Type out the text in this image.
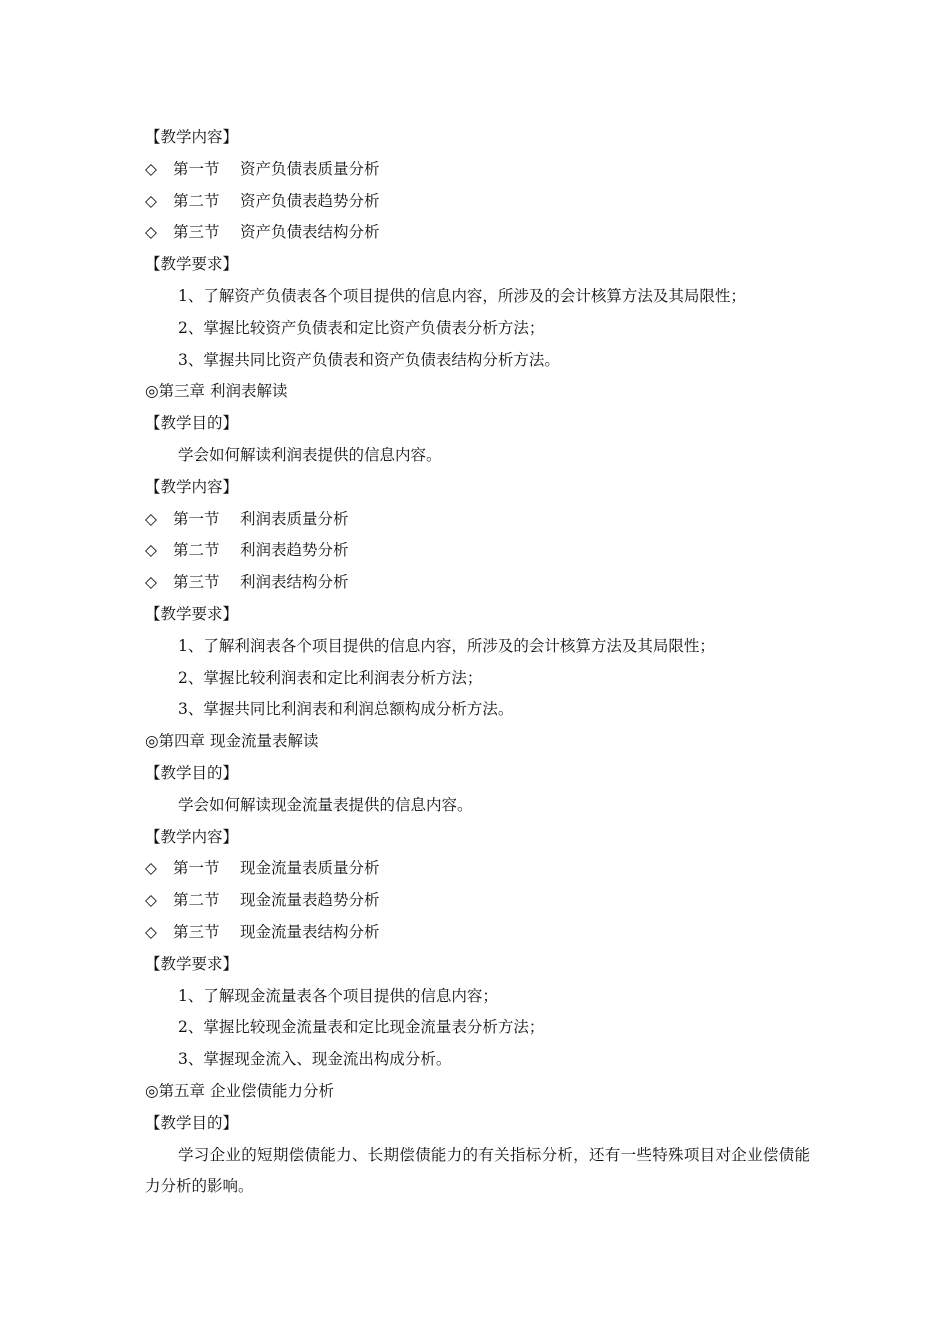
【教学内容】
◇ 第一节 资产负债表质量分析
◇ 第二节 资产负债表趋势分析
◇ 第三节 资产负债表结构分析
【教学要求】
1、了解资产负债表各个项目提供的信息内容，所涉及的会计核算方法及其局限性；
2、掌握比较资产负债表和定比资产负债表分析方法；
3、掌握共同比资产负债表和资产负债表结构分析方法。
◎第三章 利润表解读
【教学目的】
学会如何解读利润表提供的信息内容。
【教学内容】
◇ 第一节 利润表质量分析
◇ 第二节 利润表趋势分析
◇ 第三节 利润表结构分析
【教学要求】
1、了解利润表各个项目提供的信息内容，所涉及的会计核算方法及其局限性；
2、掌握比较利润表和定比利润表分析方法；
3、掌握共同比利润表和利润总额构成分析方法。
◎第四章 现金流量表解读
【教学目的】
学会如何解读现金流量表提供的信息内容。
【教学内容】
◇ 第一节 现金流量表质量分析
◇ 第二节 现金流量表趋势分析
◇ 第三节 现金流量表结构分析
【教学要求】
1、了解现金流量表各个项目提供的信息内容；
2、掌握比较现金流量表和定比现金流量表分析方法；
3、掌握现金流入、现金流出构成分析。
◎第五章 企业偿债能力分析
【教学目的】
学习企业的短期偿债能力、长期偿债能力的有关指标分析，还有一些特殊项目对企业偿债能力分析的影响。
